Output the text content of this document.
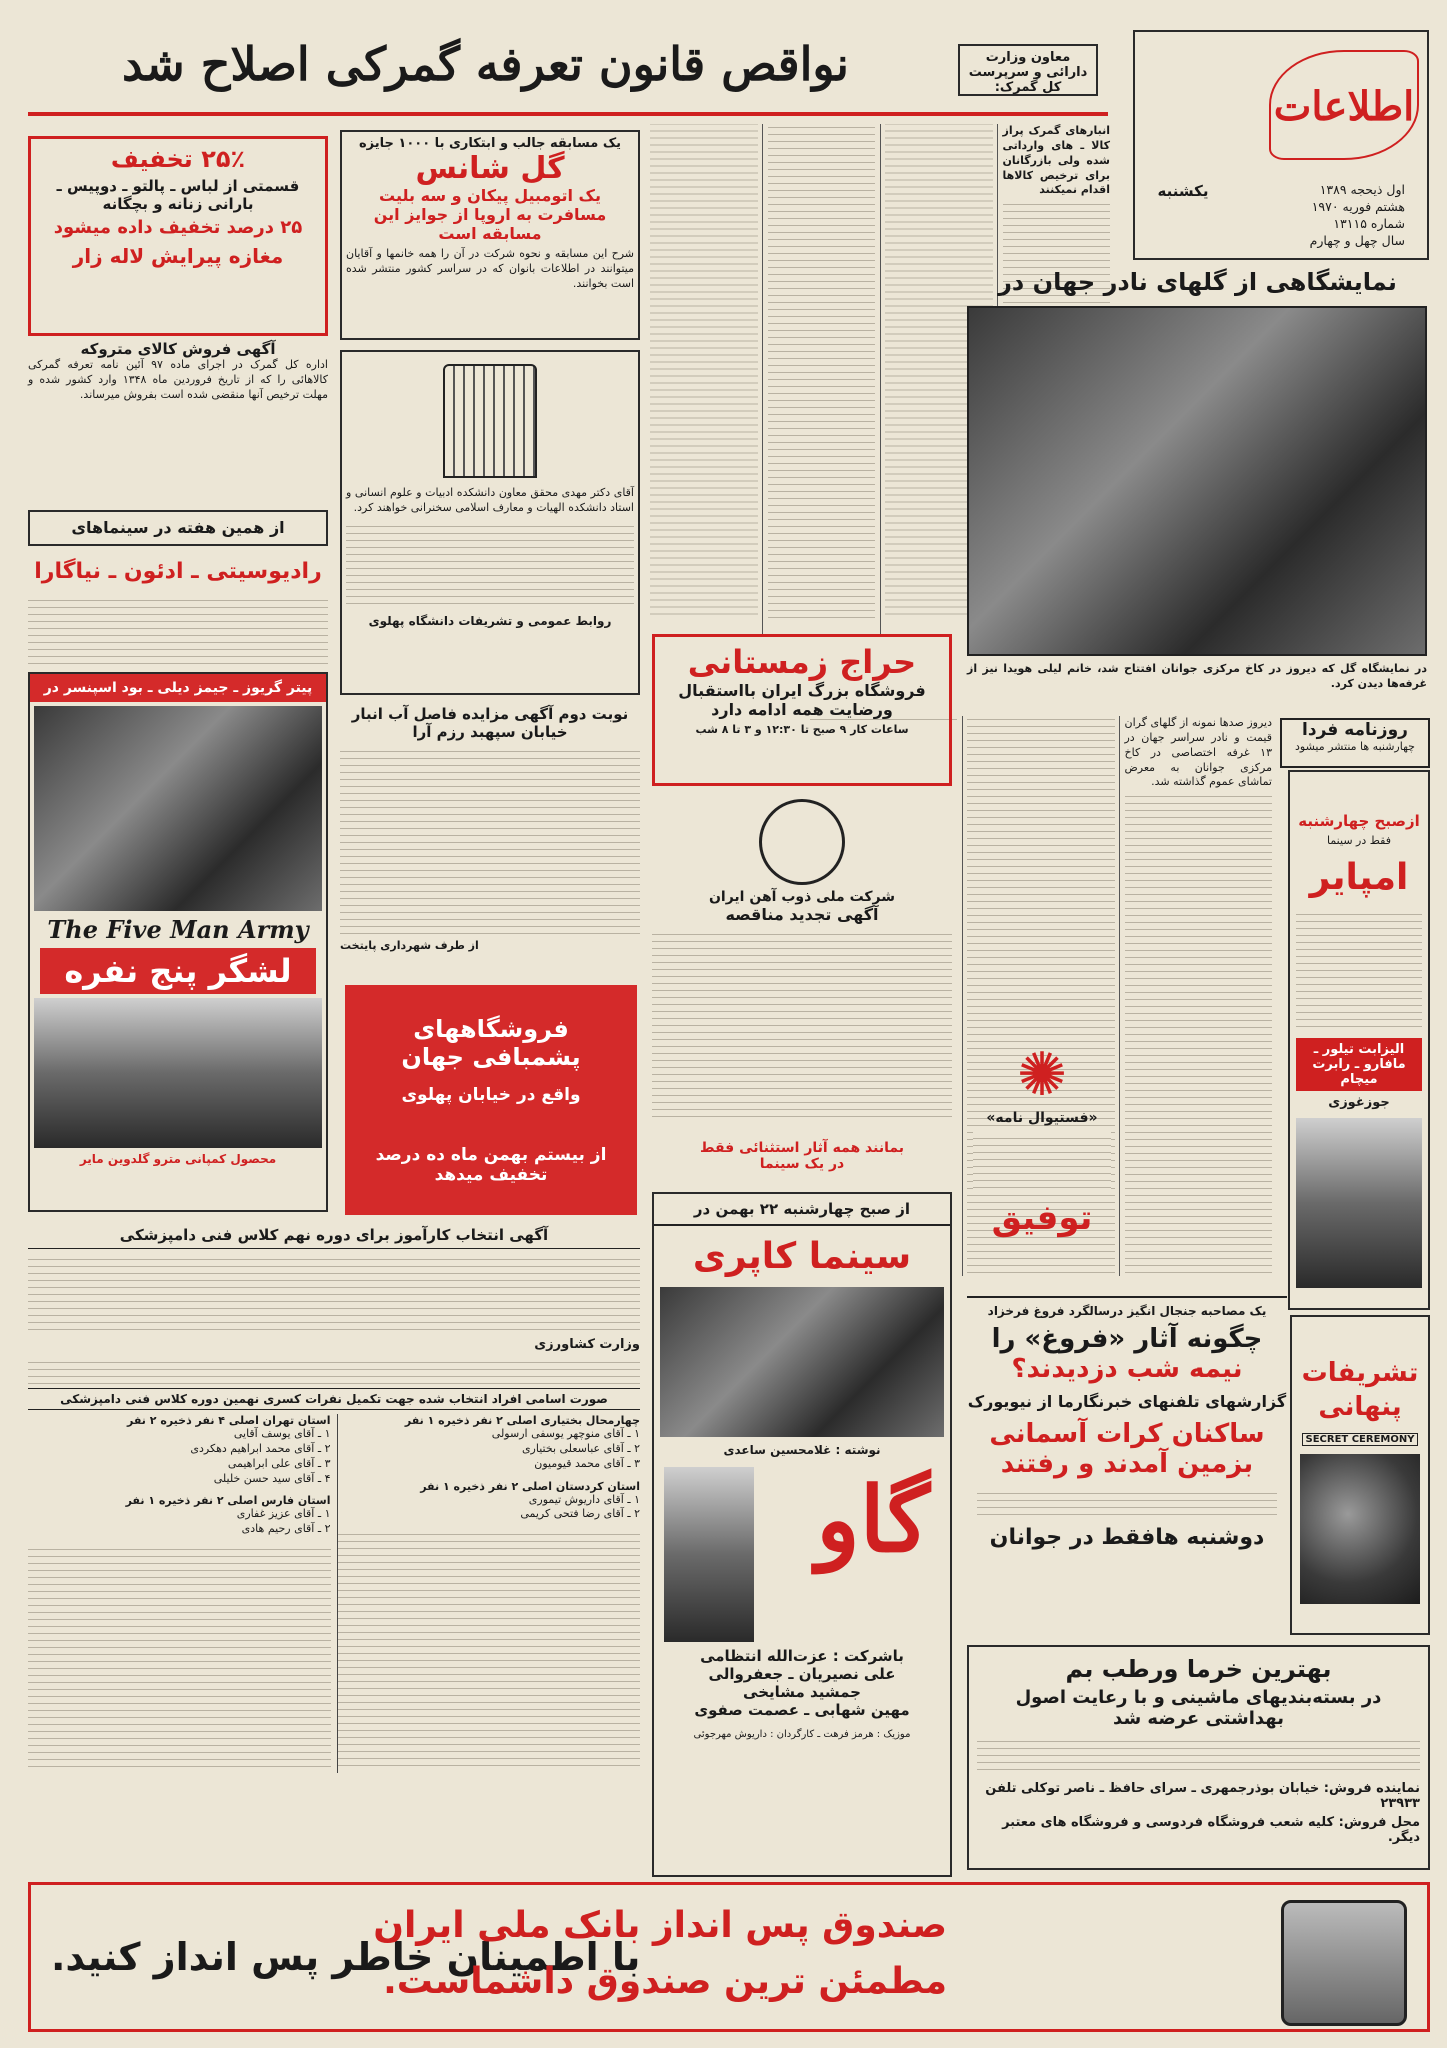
اطلاعات
یکشنبه	اول ذیحجه ۱۳۸۹
هشتم فوریه ۱۹۷۰
شماره ۱۳۱۱۵
سال چهل و چهارم
نواقص قانون تعرفه گمرکی اصلاح شد	معاون وزارت دارائی و سرپرست کل گمرک:
انبارهای گمرک پراز کالا ـ های وارداتی شده ولی بازرگانان برای ترخیص کالاها اقدام نمیکنند
نمایشگاهی از گلهای نادر جهان در
در نمایشگاه گل که دیروز در کاخ مرکزی جوانان افتتاح شد، خانم لیلی هویدا نیز از غرفه‌ها دیدن کرد.
روزنامه فردا
چهارشنبه ها منتشر میشود
دیروز صدها نمونه از گلهای گران قیمت و نادر سراسر جهان در ۱۳ غرفه اختصاصی در کاخ مرکزی جوانان به معرض تماشای عموم گذاشته شد.
ازصبح چهارشنبه
فقط در سینما
امپایر
الیزابت تیلور ـ مافارو ـ رابرت میچام
جوزغوزی
✺
«فستیوال نامه»
توفیق
یک مصاحبه جنجال انگیز درسالگرد فروغ فرخزاد
چگونه آثار «فروغ» را
نیمه شب دزدیدند؟
گزارشهای تلفنهای خبرنگارما از نیویورک
ساکنان کرات آسمانی
بزمین آمدند و رفتند
دوشنبه هافقط در جوانان
تشریفات پنهانی
SECRET CEREMONY
بهترین خرما ورطب بم
در بسته‌بندیهای ماشینی و با رعایت اصول بهداشتی عرضه شد
نماینده فروش: خیابان بوذرجمهری ـ سرای حافظ ـ ناصر توکلی تلفن ۲۳۹۳۳
محل فروش: کلیه شعب فروشگاه فردوسی و فروشگاه های معتبر دیگر.
۲۵٪ تخفیف
قسمتی از لباس ـ پالتو ـ دوپیس ـ بارانی زنانه و بچگانه
۲۵ درصد تخفیف داده میشود
مغازه پیرایش لاله زار
آگهی فروش کالای متروکه
اداره کل گمرک در اجرای ماده ۹۷ آئین نامه تعرفه گمرکی کالاهائی را که از تاریخ فروردین ماه ۱۳۴۸ وارد کشور شده و مهلت ترخیص آنها منقضی شده است بفروش میرساند.
از همین هفته در سینماهای
رادیوسیتی ـ ادئون ـ نیاگارا
پیتر گریوز ـ جیمز دیلی ـ بود اسپنسر در
The Five Man Army
لشگر پنج نفره
محصول کمپانی مترو گلدوین مایر
یک مسابقه جالب و ابتکاری با ۱۰۰۰ جایزه
گل شانس
یک اتومبیل پیکان و سه بلیت مسافرت به اروپا از جوایز این مسابقه است
شرح این مسابقه و نحوه شرکت در آن را همه خانمها و آقایان میتوانند در اطلاعات بانوان که در سراسر کشور منتشر شده است بخوانند.
آقای دکتر مهدی محقق معاون دانشکده ادبیات و علوم انسانی و استاد دانشکده الهیات و معارف اسلامی سخنرانی خواهند کرد.
روابط عمومی و تشریفات دانشگاه پهلوی
نوبت دوم آگهی مزایده فاصل آب انبار خیابان سپهبد رزم آرا
از طرف شهرداری پایتخت
فروشگاههای پشمبافی جهان
واقع در خیابان پهلوی
از بیستم بهمن ماه ده درصد تخفیف میدهد
حراج زمستانی
فروشگاه بزرگ ایران بااستقبال
ورضایت همه ادامه دارد
ساعات کار ۹ صبح تا ۱۲:۳۰ و ۳ تا ۸ شب
شرکت ملی ذوب آهن ایران
آگهی تجدید مناقصه
بمانند همه آثار استثنائی فقط
در یک سینما
از صبح چهارشنبه ۲۲ بهمن در
سینما کاپری
نوشته : غلامحسین ساعدی
گاو
باشرکت : عزت‌الله انتظامی
علی نصیریان ـ جعفروالی
جمشید مشایخی
مهین شهابی ـ عصمت صفوی
موزیک : هرمز فرهت ـ کارگردان : داریوش مهرجوئی
آگهی انتخاب کارآموز برای دوره نهم کلاس فنی دامپزشکی
وزارت کشاورزی
صورت اسامی افراد انتخاب شده جهت تکمیل نفرات کسری نهمین دوره کلاس فنی دامپزشکی
چهارمحال بختیاری اصلی ۲ نفر ذخیره ۱ نفر
۱ ـ آقای منوچهر یوسفی ارسولی
۲ ـ آقای عباسعلی بختیاری
۳ ـ آقای محمد قیومیون
استان کردستان اصلی ۲ نفر ذخیره ۱ نفر
۱ ـ آقای داریوش تیموری
۲ ـ آقای رضا فتحی کریمی
استان تهران اصلی ۴ نفر ذخیره ۲ نفر
۱ ـ آقای یوسف آقایی
۲ ـ آقای محمد ابراهیم دهکردی
۳ ـ آقای علی ابراهیمی
۴ ـ آقای سید حسن خلیلی
استان فارس اصلی ۲ نفر ذخیره ۱ نفر
۱ ـ آقای عزیز غفاری
۲ ـ آقای رحیم هادی
با اطمینان خاطر پس انداز کنید.
صندوق پس انداز بانک ملی ایران
مطمئن ترین صندوق داشماست.
